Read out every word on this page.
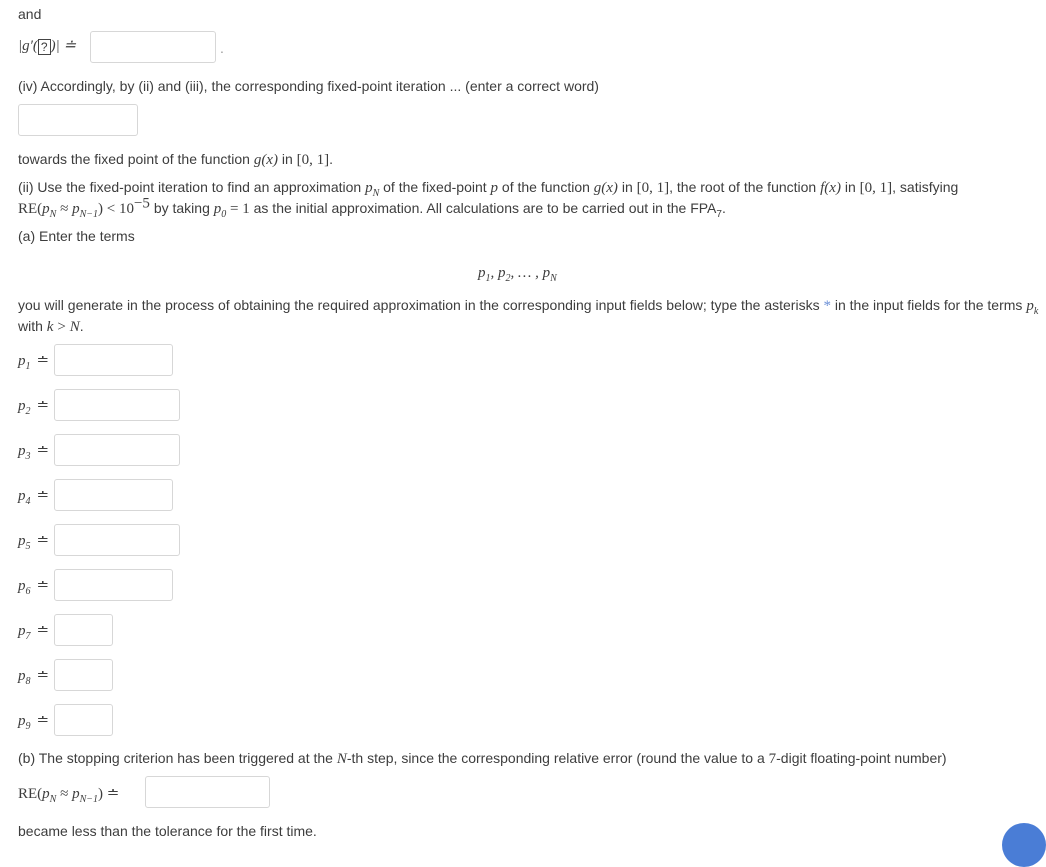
and
|g′( ? )| ≐	.
(iv) Accordingly, by (ii) and (iii), the corresponding fixed-point iteration ... (enter a correct word)
towards the fixed point of the function g(x) in [0, 1].
(ii) Use the fixed-point iteration to find an approximation $p_N$ of the fixed-point p of the function g(x) in [0, 1], the root of the function f(x) in [0, 1], satisfying
$RE(p_N \approx p_{N-1}) < 10^{-5}$ by taking $p_0 = 1$ as the initial approximation. All calculations are to be carried out in the $FPA_7$.
(a) Enter the terms
$p_1$, $p_2$, … , $p_N$
you will generate in the process of obtaining the required approximation in the corresponding input fields below; type the asterisks * in the input fields for the terms $p_k$
with k > N.
$p_1$ ≐
$p_2$ ≐
$p_3$ ≐
$p_4$ ≐
$p_5$ ≐
$p_6$ ≐
$p_7$ ≐
$p_8$ ≐
$p_9$ ≐
(b) The stopping criterion has been triggered at the N-th step, since the corresponding relative error (round the value to a 7-digit floating-point number)
$RE(p_N \approx p_{N-1})$ ≐
became less than the tolerance for the first time.
